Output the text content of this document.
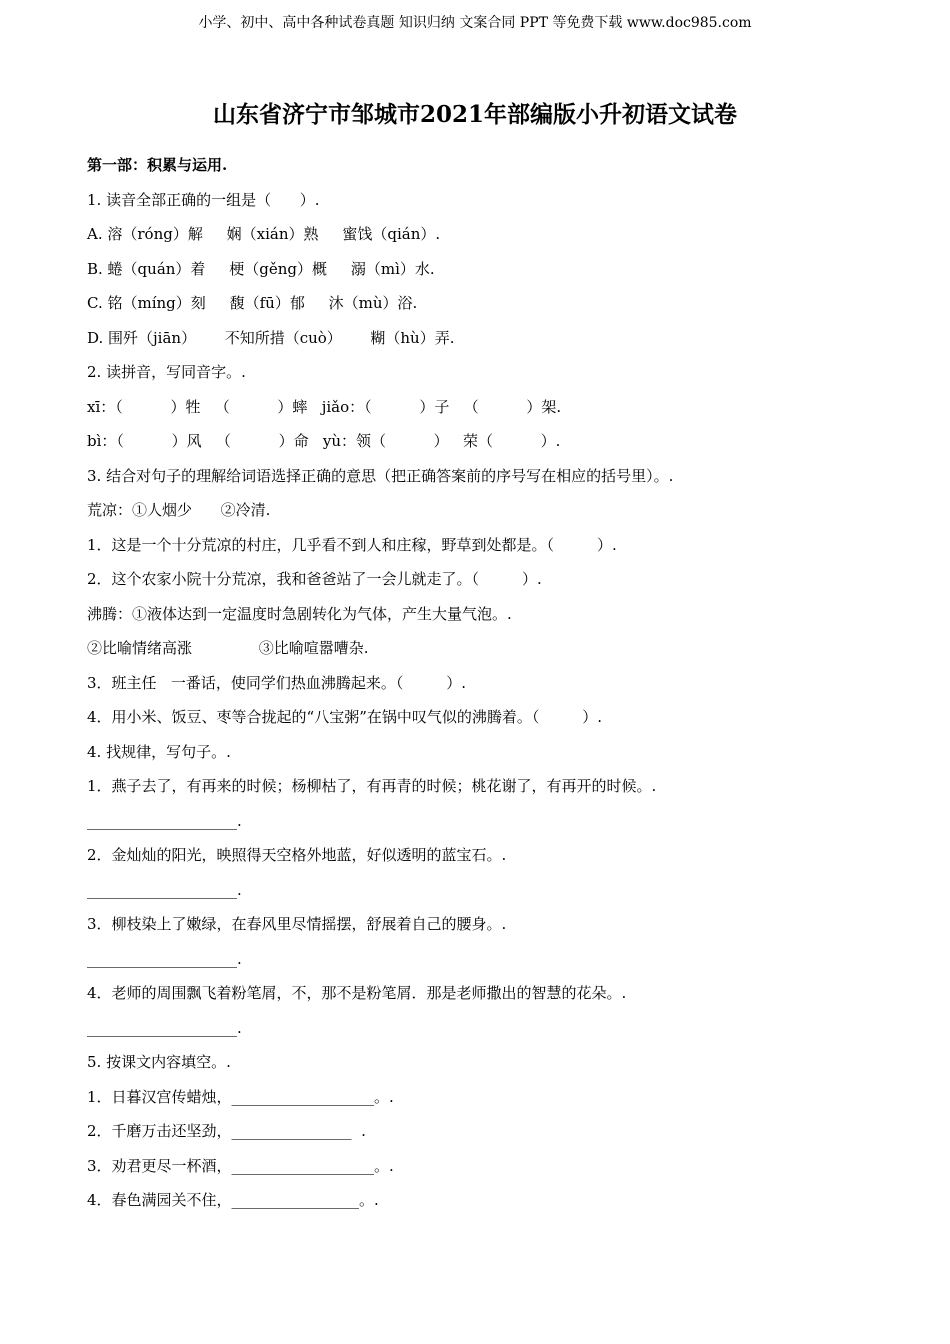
小学、初中、高中各种试卷真题 知识归纳 文案合同 PPT 等免费下载 www.doc985.com
山东省济宁市邹城市2021年部编版小升初语文试卷
第一部：积累与运用.
1. 读音全部正确的一组是（      ）.
A. 溶（róng）解     娴（xián）熟     蜜饯（qián）.
B. 蜷（quán）着     梗（gěng）概     溺（mì）水.
C. 铭（míng）刻     馥（fū）郁     沐（mù）浴.
D. 围歼（jiān）      不知所措（cuò）      糊（hù）弄.
2. 读拼音，写同音字。.
xī：（          ）牲   （          ）蟀   jiǎo：（          ）子   （          ）架.
bì：（          ）风   （          ）命   yù：领（          ）   荣（          ）.
3. 结合对句子的理解给词语选择正确的意思（把正确答案前的序号写在相应的括号里）。.
荒凉：①人烟少      ②冷清.
1．这是一个十分荒凉的村庄，几乎看不到人和庄稼，野草到处都是。（         ）.
2．这个农家小院十分荒凉，我和爸爸站了一会儿就走了。（         ）.
沸腾：①液体达到一定温度时急剧转化为气体，产生大量气泡。.
②比喻情绪高涨              ③比喻喧嚣嘈杂.
3．班主任   一番话，使同学们热血沸腾起来。（         ）.
4．用小米、饭豆、枣等合拢起的“八宝粥”在锅中叹气似的沸腾着。（         ）.
4. 找规律，写句子。.
1．燕子去了，有再来的时候；杨柳枯了，有再青的时候；桃花谢了，有再开的时候。.
____________________.
2．金灿灿的阳光，映照得天空格外地蓝，好似透明的蓝宝石。.
____________________.
3．柳枝染上了嫩绿，在春风里尽情摇摆，舒展着自己的腰身。.
____________________.
4．老师的周围飘飞着粉笔屑，不，那不是粉笔屑．那是老师撒出的智慧的花朵。.
____________________.
5. 按课文内容填空。.
1．日暮汉宫传蜡烛，___________________。.
2．千磨万击还坚劲，________________  .
3．劝君更尽一杯酒，___________________。.
4．春色满园关不住，_________________。.
